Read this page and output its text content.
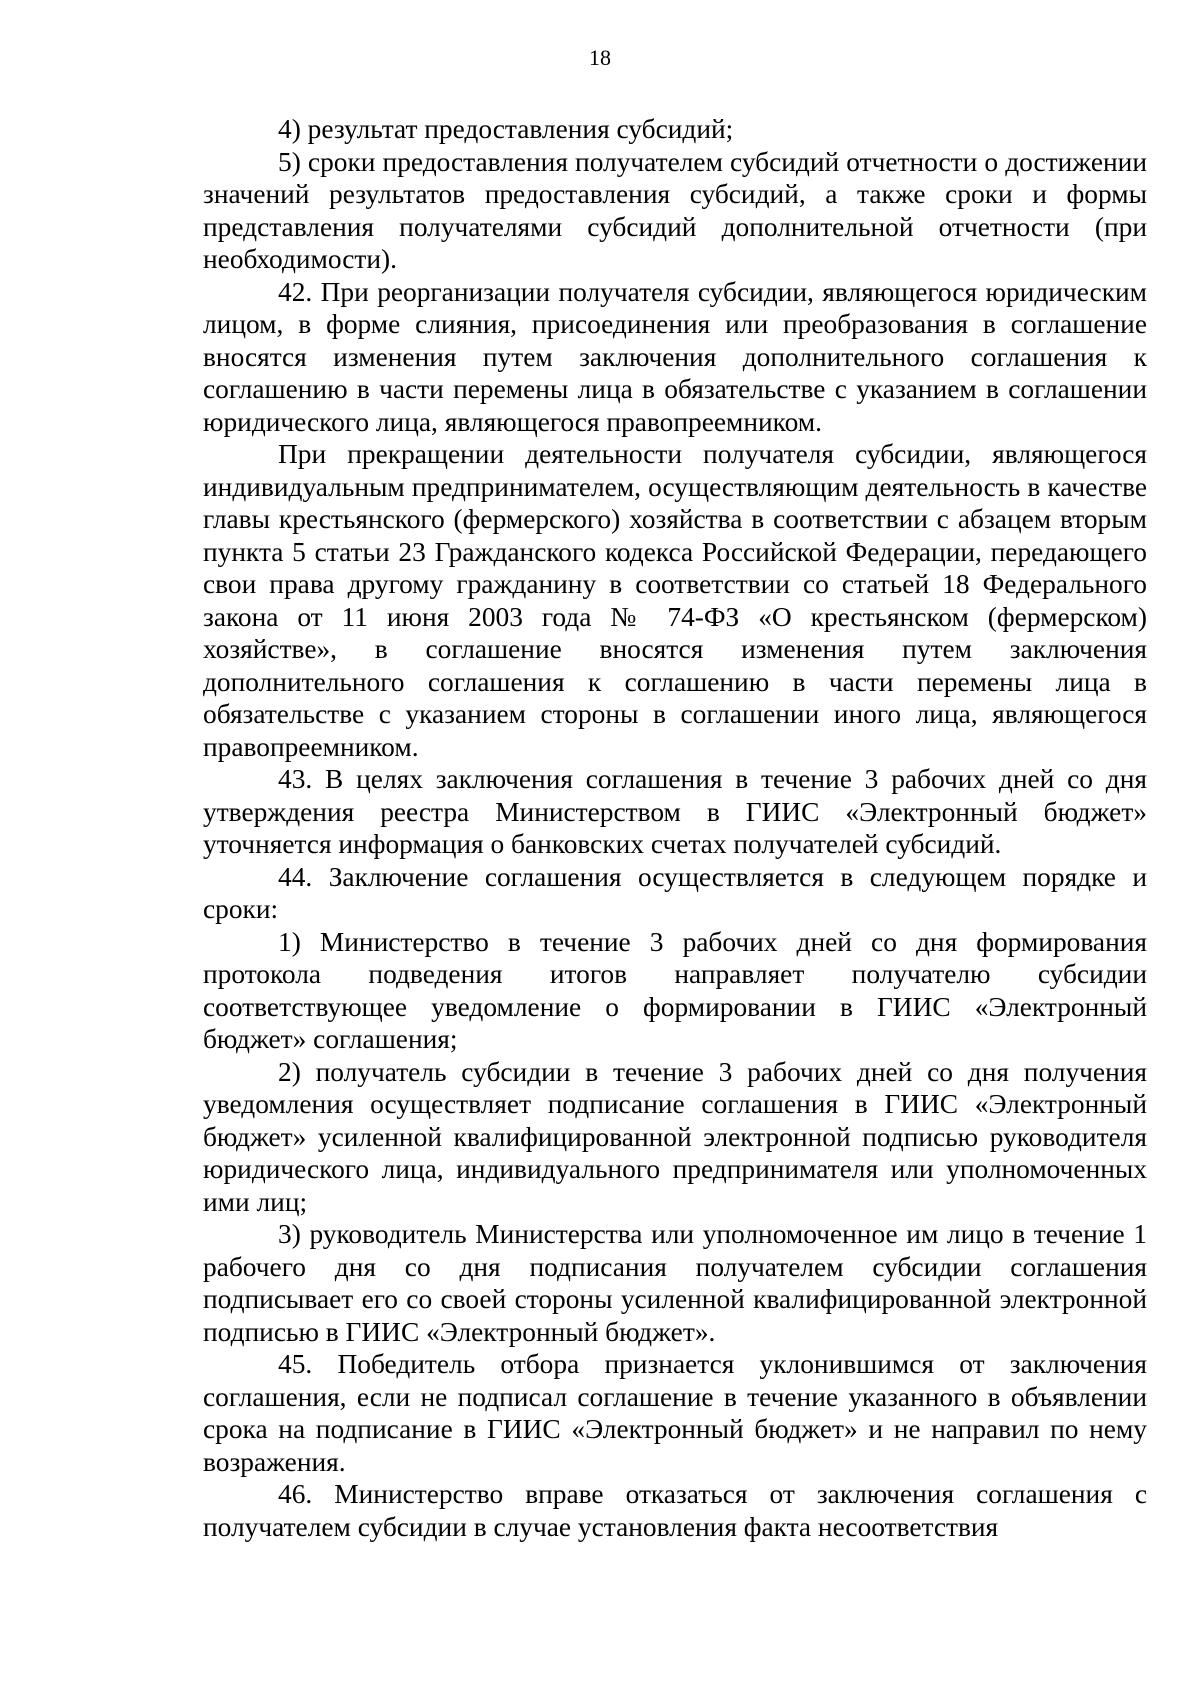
18

4) результат предоставления субсидий;

5) сроки предоставления получателем субсидий отчетности о достижении значений результатов предоставления субсидий, а также сроки и формы представления получателями субсидий дополнительной отчетности (при необходимости).

42. При реорганизации получателя субсидии, являющегося юридическим лицом, в форме слияния, присоединения или преобразования в соглашение вносятся изменения путем заключения дополнительного соглашения к соглашению в части перемены лица в обязательстве с указанием в соглашении юридического лица, являющегося правопреемником.

При прекращении деятельности получателя субсидии, являющегося индивидуальным предпринимателем, осуществляющим деятельность в качестве главы крестьянского (фермерского) хозяйства в соответствии с абзацем вторым пункта 5 статьи 23 Гражданского кодекса Российской Федерации, передающего свои права другому гражданину в соответствии со статьей 18 Федерального закона от 11 июня 2003 года № 74-ФЗ «О крестьянском (фермерском) хозяйстве», в соглашение вносятся изменения путем заключения дополнительного соглашения к соглашению в части перемены лица в обязательстве с указанием стороны в соглашении иного лица, являющегося правопреемником.

43. В целях заключения соглашения в течение 3 рабочих дней со дня утверждения реестра Министерством в ГИИС «Электронный бюджет» уточняется информация о банковских счетах получателей субсидий.

44. Заключение соглашения осуществляется в следующем порядке и сроки:

1) Министерство в течение 3 рабочих дней со дня формирования протокола подведения итогов направляет получателю субсидии соответствующее уведомление о формировании в ГИИС «Электронный бюджет» соглашения;

2) получатель субсидии в течение 3 рабочих дней со дня получения уведомления осуществляет подписание соглашения в ГИИС «Электронный бюджет» усиленной квалифицированной электронной подписью руководителя юридического лица, индивидуального предпринимателя или уполномоченных ими лиц;

3) руководитель Министерства или уполномоченное им лицо в течение 1 рабочего дня со дня подписания получателем субсидии соглашения подписывает его со своей стороны усиленной квалифицированной электронной подписью в ГИИС «Электронный бюджет».

45. Победитель отбора признается уклонившимся от заключения соглашения, если не подписал соглашение в течение указанного в объявлении срока на подписание в ГИИС «Электронный бюджет» и не направил по нему возражения.

46. Министерство вправе отказаться от заключения соглашения с получателем субсидии в случае установления факта несоответствия
